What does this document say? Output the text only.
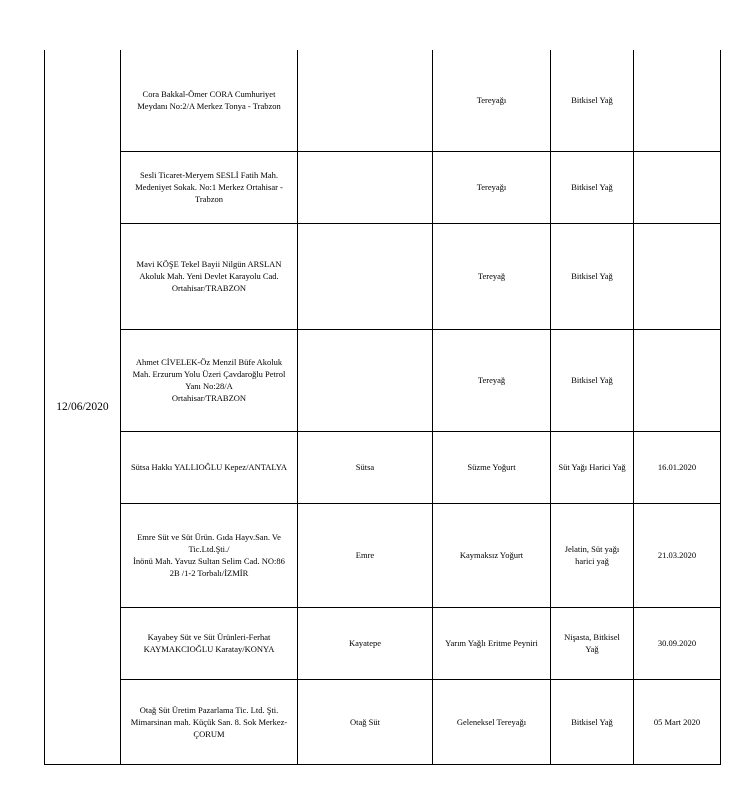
12/06/2020	Cora Bakkal-Ömer CORA Cumhuriyet
Meydanı No:2/A Merkez Tonya - Trabzon		Tereyağı	Bitkisel Yağ	
	Sesli Ticaret-Meryem SESLİ Fatih Mah.
Medeniyet Sokak. No:1 Merkez Ortahisar -
Trabzon		Tereyağı	Bitkisel Yağ	
	Mavi KÖŞE Tekel Bayii Nilgün ARSLAN
Akoluk Mah. Yeni Devlet Karayolu Cad.
Ortahisar/TRABZON		Tereyağ	Bitkisel Yağ	
	Ahmet CİVELEK-Öz Menzil Büfe Akoluk
Mah. Erzurum Yolu Üzeri Çavdaroğlu Petrol
Yanı No:28/A
Ortahisar/TRABZON		Tereyağ	Bitkisel Yağ	
	Sütsa Hakkı YALLIOĞLU Kepez/ANTALYA	Sütsa	Süzme Yoğurt	Süt Yağı Harici Yağ	16.01.2020
	Emre Süt ve Süt Ürün. Gıda Hayv.San. Ve
Tic.Ltd.Şti./
İnönü Mah. Yavuz Sultan Selim Cad. NO:86
2B /1-2 Torbalı/İZMİR	Emre	Kaymaksız Yoğurt	Jelatin, Süt yağı
harici yağ	21.03.2020
	Kayabey Süt ve Süt Ürünleri-Ferhat
KAYMAKCIOĞLU Karatay/KONYA	Kayatepe	Yarım Yağlı Eritme Peyniri	Nişasta, Bitkisel
Yağ	30.09.2020
	Otağ Süt Üretim Pazarlama Tic. Ltd. Şti.
Mimarsinan mah. Küçük San. 8. Sok Merkez-
ÇORUM	Otağ Süt	Geleneksel Tereyağı	Bitkisel Yağ	05 Mart 2020
